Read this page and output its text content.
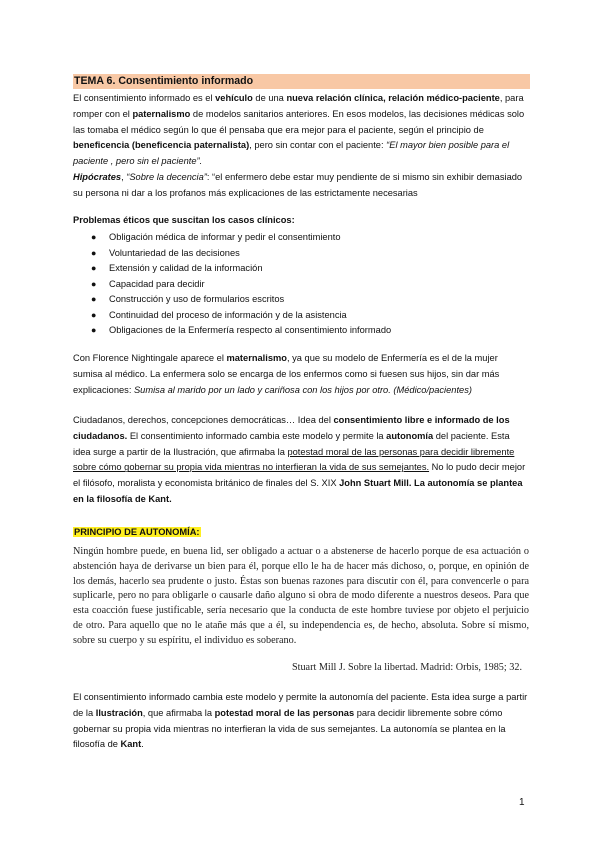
TEMA 6. Consentimiento informado
El consentimiento informado es el vehículo de una nueva relación clínica, relación médico-paciente, para romper con el paternalismo de modelos sanitarios anteriores. En esos modelos, las decisiones médicas solo las tomaba el médico según lo que él pensaba que era mejor para el paciente, según el principio de beneficencia (beneficencia paternalista), pero sin contar con el paciente: “El mayor bien posible para el paciente , pero sin el paciente”.
Hipócrates, “Sobre la decencia”: “el enfermero debe estar muy pendiente de si mismo sin exhibir demasiado su persona ni dar a los profanos más explicaciones de las estrictamente necesarias
Problemas éticos que suscitan los casos clínicos:
● Obligación médica de informar y pedir el consentimiento
● Voluntariedad de las decisiones
● Extensión y calidad de la información
● Capacidad para decidir
● Construcción y uso de formularios escritos
● Continuidad del proceso de información y de la asistencia
● Obligaciones de la Enfermería respecto al consentimiento informado
Con Florence Nightingale aparece el maternalismo, ya que su modelo de Enfermería es el de la mujer sumisa al médico. La enfermera solo se encarga de los enfermos como si fuesen sus hijos, sin dar más explicaciones: Sumisa al marido por un lado y cariñosa con los hijos por otro. (Médico/pacientes)
Ciudadanos, derechos, concepciones democráticas… Idea del consentimiento libre e informado de los ciudadanos. El consentimiento informado cambia este modelo y permite la autonomía del paciente. Esta idea surge a partir de la Ilustración, que afirmaba la potestad moral de las personas para decidir libremente sobre cómo gobernar su propia vida mientras no interfieran la vida de sus semejantes. No lo pudo decir mejor el filósofo, moralista y economista británico de finales del S. XIX John Stuart Mill. La autonomía se plantea en la filosofía de Kant.
PRINCIPIO DE AUTONOMÍA:
Ningún hombre puede, en buena lid, ser obligado a actuar o a abstenerse de hacerlo porque de esa actuación o abstención haya de derivarse un bien para él, porque ello le ha de hacer más dichoso, o, porque, en opinión de los demás, hacerlo sea prudente o justo. Éstas son buenas razones para discutir con él, para convencerle o para suplicarle, pero no para obligarle o causarle daño alguno si obra de modo diferente a nuestros deseos. Para que esta coacción fuese justificable, sería necesario que la conducta de este hombre tuviese por objeto el perjuicio de otro. Para aquello que no le atañe más que a él, su independencia es, de hecho, absoluta. Sobre sí mismo, sobre su cuerpo y su espíritu, el individuo es soberano.
Stuart Mill J. Sobre la libertad. Madrid: Orbis, 1985; 32.
El consentimiento informado cambia este modelo y permite la autonomía del paciente. Esta idea surge a partir de la Ilustración, que afirmaba la potestad moral de las personas para decidir libremente sobre cómo gobernar su propia vida mientras no interfieran la vida de sus semejantes. La autonomía se plantea en la filosofía de Kant.
1
